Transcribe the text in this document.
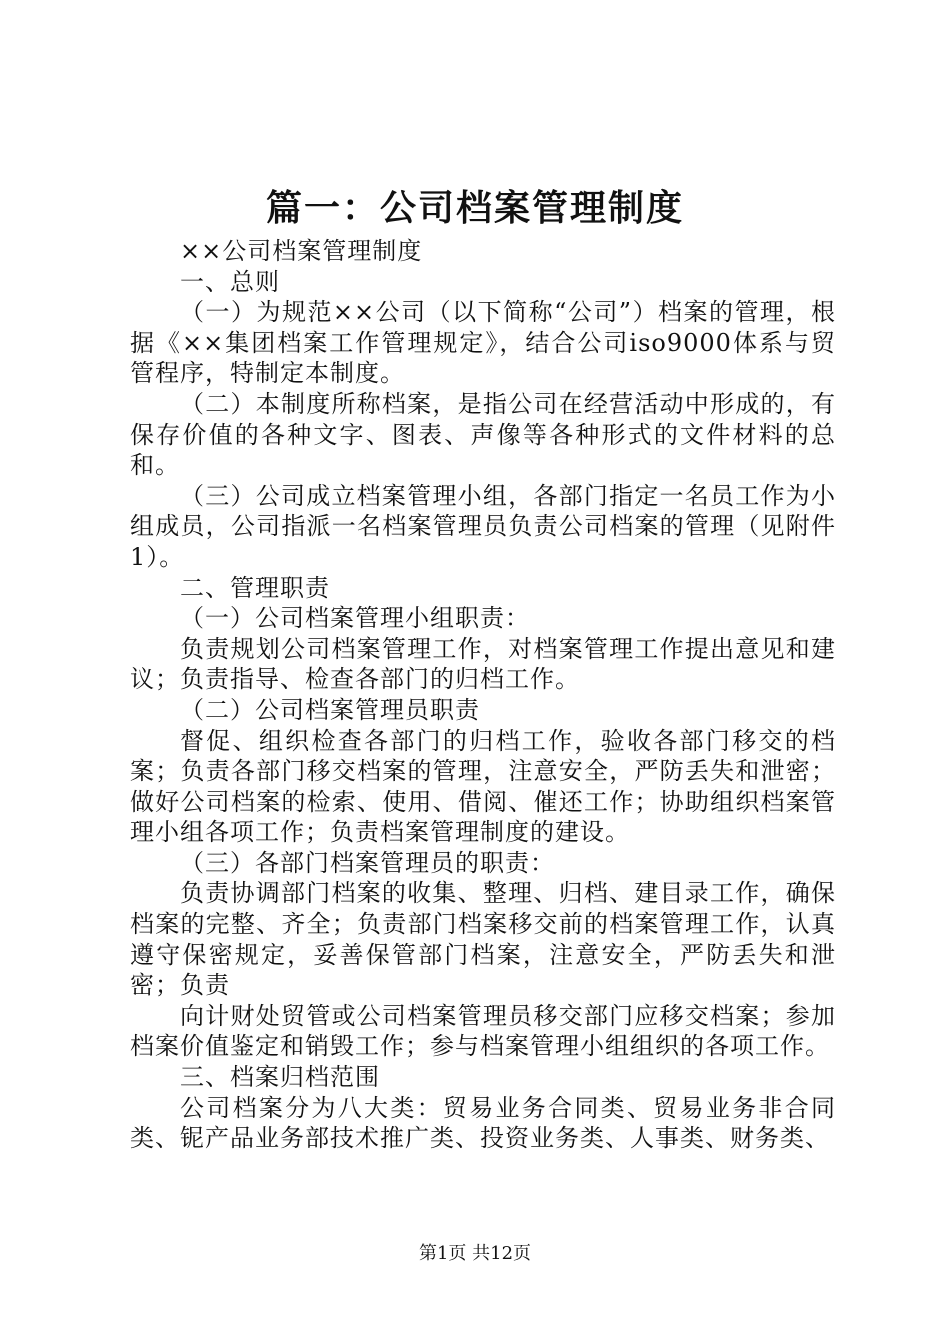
篇一：公司档案管理制度

××公司档案管理制度

一、总则

（一）为规范××公司（以下简称“公司”）档案的管理，根据《××集团档案工作管理规定》，结合公司iso9000体系与贸管程序，特制定本制度。

（二）本制度所称档案，是指公司在经营活动中形成的，有保存价值的各种文字、图表、声像等各种形式的文件材料的总和。

（三）公司成立档案管理小组，各部门指定一名员工作为小组成员，公司指派一名档案管理员负责公司档案的管理（见附件1）。

二、管理职责

（一）公司档案管理小组职责：

负责规划公司档案管理工作，对档案管理工作提出意见和建议；负责指导、检查各部门的归档工作。

（二）公司档案管理员职责

督促、组织检查各部门的归档工作，验收各部门移交的档案；负责各部门移交档案的管理，注意安全，严防丢失和泄密；做好公司档案的检索、使用、借阅、催还工作；协助组织档案管理小组各项工作；负责档案管理制度的建设。

（三）各部门档案管理员的职责：

负责协调部门档案的收集、整理、归档、建目录工作，确保档案的完整、齐全；负责部门档案移交前的档案管理工作，认真遵守保密规定，妥善保管部门档案，注意安全，严防丢失和泄密；负责

向计财处贸管或公司档案管理员移交部门应移交档案；参加档案价值鉴定和销毁工作；参与档案管理小组组织的各项工作。

三、档案归档范围

公司档案分为八大类：贸易业务合同类、贸易业务非合同类、铌产品业务部技术推广类、投资业务类、人事类、财务类、

第1页 共12页
